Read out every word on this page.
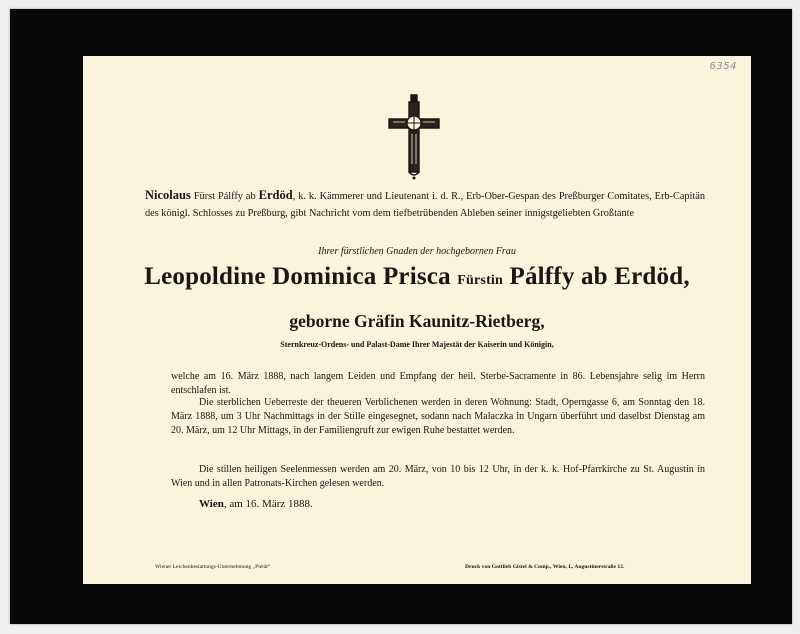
6354
Nicolaus Fürst Pálffy ab Erdöd, k. k. Kämmerer und Lieutenant i. d. R., Erb-Ober-Gespan des Preßburger Comitates, Erb-Capitän des königl. Schlosses zu Preßburg, gibt Nachricht vom dem tiefbetrübenden Ableben seiner innigstgeliebten Großtante
Ihrer fürstlichen Gnaden der hochgebornen Frau
Leopoldine Dominica Prisca Fürstin Pálffy ab Erdöd,
geborne Gräfin Kaunitz-Rietberg,
Sternkreuz-Ordens- und Palast-Dame Ihrer Majestät der Kaiserin und Königin,
welche am 16. März 1888, nach langem Leiden und Empfang der heil. Sterbe-Sacramente in 86. Lebensjahre selig im Herrn entschlafen ist.
Die sterblichen Ueberreste der theueren Verblichenen werden in deren Wohnung: Stadt, Operngasse 6, am Sonntag den 18. März 1888, um 3 Uhr Nachmittags in der Stille eingesegnet, sodann nach Malaczka in Ungarn überführt und daselbst Dienstag am 20. März, um 12 Uhr Mittags, in der Familiengruft zur ewigen Ruhe bestattet werden.
Die stillen heiligen Seelenmessen werden am 20. März, von 10 bis 12 Uhr, in der k. k. Hof-Pfarrkirche zu St. Augustin in Wien und in allen Patronats-Kirchen gelesen werden.
Wien, am 16. März 1888.
Wiener Leichenbestattungs-Unternehmung „Pietät“	Druck von Gottlieb Gistel & Comp., Wien, I., Augustinerstraße 12.
